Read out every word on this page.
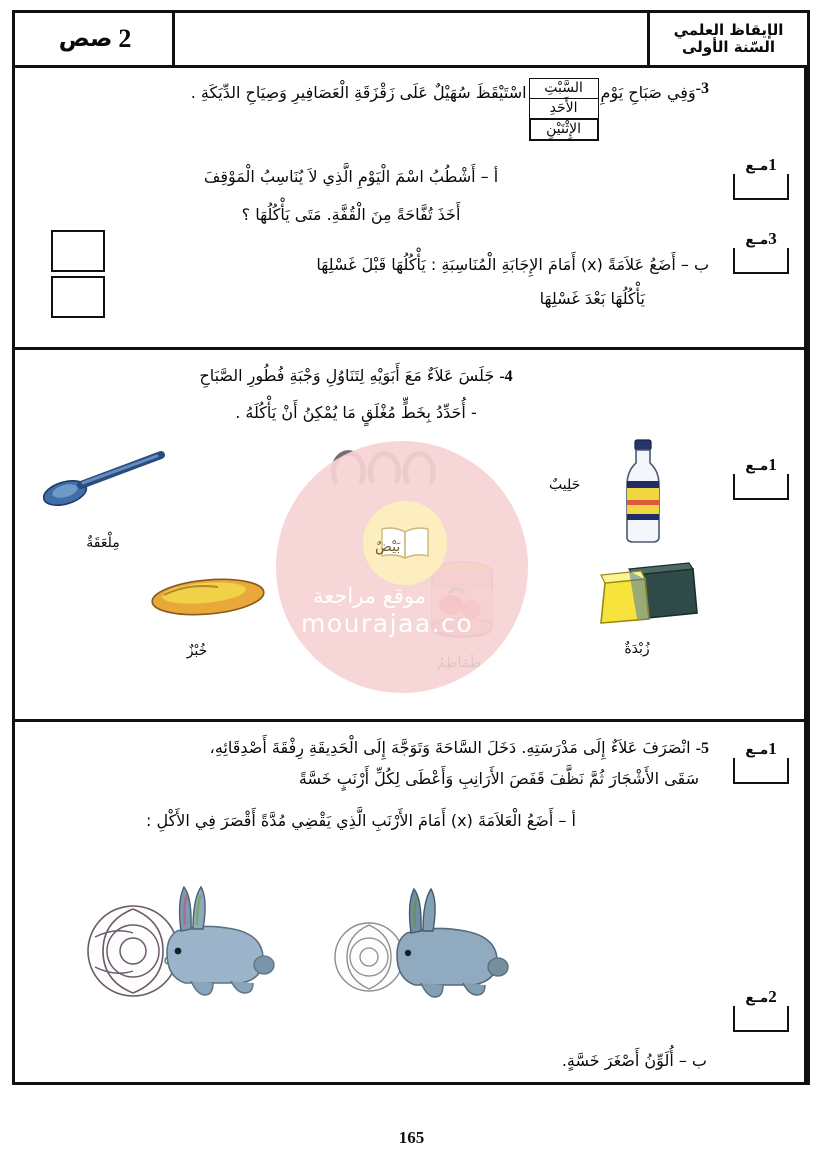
الإيقاظ العلمي
السّنة الأولى
2
صص
3-
وَفِي صَبَاحِ يَوْمِ
السَّبْتِ
الأَحَدِ
الإِثْنَيْنِ
اسْتَيْقَظَ سُهَيْلٌ عَلَى زَقْزَقَةِ الْعَصَافِيرِ وَصِيَاحِ الدِّيَكَةِ .
أ – أَشْطُبُ اسْمَ الْيَوْمِ الَّذِي لاَ يُنَاسِبُ الْمَوْقِفَ
أَخَذَ تُفَّاحَةً مِنَ الْقُفَّةِ. مَتَى يَأْكُلُهَا ؟
ب – أَضَعُ عَلاَمَةً (x) أَمَامَ الإِجَابَةِ الْمُنَاسِبَةِ : يَأْكُلُهَا قَبْلَ غَسْلِهَا
يَأْكُلُهَا بَعْدَ غَسْلِهَا
1مـع
3مـع
4- جَلَسَ عَلاَءٌ مَعَ أَبَوَيْهِ لِتَنَاوُلِ وَجْبَةِ فُطُورِ الصَّبَاحِ
- أُحَدِّدُ بِخَطٍّ مُغْلَقٍ مَا يُمْكِنُ أَنْ يَأْكُلَهُ .
مِلْعَقَةٌ	بَيْضٌ
حَلِيبٌ
خُبْزٌ	زُبْدَةٌ
موقع مراجعة
mourajaa.co
1مـع
5- انْصَرَفَ عَلاَءٌ إِلَى مَدْرَسَتِهِ. دَخَلَ السَّاحَةَ وَتَوَجَّهَ إِلَى الْحَدِيقَةِ رِفْقَةَ أَصْدِقَائِهِ،
سَقَى الأَشْجَارَ ثُمَّ نَظَّفَ قَفَصَ الأَرَانِبِ وَأَعْطَى لِكُلِّ أَرْنَبٍ خَسَّةً
أ – أَضَعُ الْعَلاَمَةَ (x) أَمَامَ الأَرْنَبِ الَّذِي يَقْضِي مُدَّةً أَقْصَرَ فِي الأَكْلِ :
ب – أُلَوِّنُ أَصْغَرَ خَسَّةٍ.
1مـع
2مـع
165
